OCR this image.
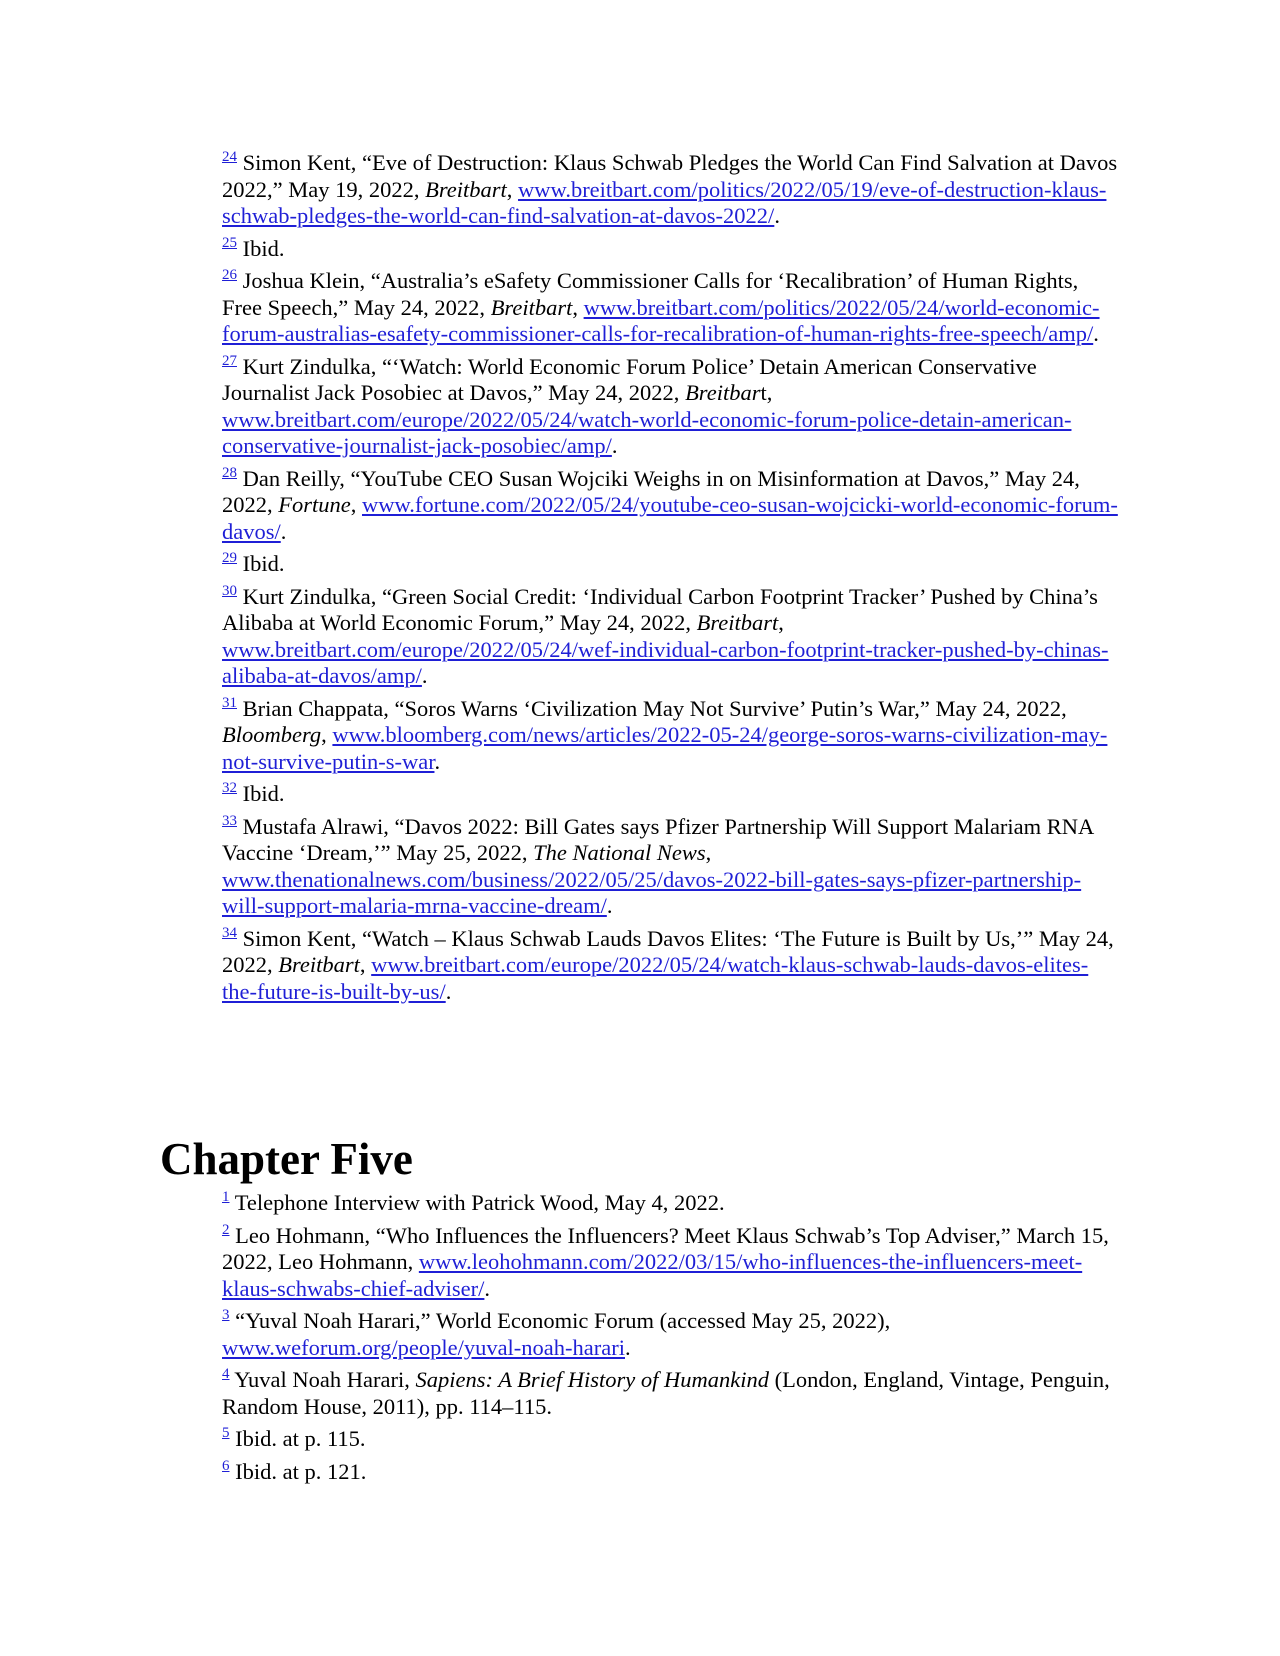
$^{24}$ Simon Kent, “Eve of Destruction: Klaus Schwab Pledges the World Can Find Salvation at Davos 2022,” May 19, 2022, Breitbart, www.breitbart.com/politics/2022/05/19/eve-of-destruction-klaus-schwab-pledges-the-world-can-find-salvation-at-davos-2022/.

$^{25}$ Ibid.

$^{26}$ Joshua Klein, “Australia’s eSafety Commissioner Calls for ‘Recalibration’ of Human Rights, Free Speech,” May 24, 2022, Breitbart, www.breitbart.com/politics/2022/05/24/world-economic-forum-australias-esafety-commissioner-calls-for-recalibration-of-human-rights-free-speech/amp/.

$^{27}$ Kurt Zindulka, “‘Watch: World Economic Forum Police’ Detain American Conservative Journalist Jack Posobiec at Davos,” May 24, 2022, Breitbart,
www.breitbart.com/europe/2022/05/24/watch-world-economic-forum-police-detain-american-conservative-journalist-jack-posobiec/amp/.

$^{28}$ Dan Reilly, “YouTube CEO Susan Wojciki Weighs in on Misinformation at Davos,” May 24, 2022, Fortune, www.fortune.com/2022/05/24/youtube-ceo-susan-wojcicki-world-economic-forum-davos/.

$^{29}$ Ibid.

$^{30}$ Kurt Zindulka, “Green Social Credit: ‘Individual Carbon Footprint Tracker’ Pushed by China’s Alibaba at World Economic Forum,” May 24, 2022, Breitbart,
www.breitbart.com/europe/2022/05/24/wef-individual-carbon-footprint-tracker-pushed-by-chinas-alibaba-at-davos/amp/.

$^{31}$ Brian Chappata, “Soros Warns ‘Civilization May Not Survive’ Putin’s War,” May 24, 2022, Bloomberg, www.bloomberg.com/news/articles/2022-05-24/george-soros-warns-civilization-may-not-survive-putin-s-war.

$^{32}$ Ibid.

$^{33}$ Mustafa Alrawi, “Davos 2022: Bill Gates says Pfizer Partnership Will Support Malariam RNA Vaccine ‘Dream,’” May 25, 2022, The National News,
www.thenationalnews.com/business/2022/05/25/davos-2022-bill-gates-says-pfizer-partnership-will-support-malaria-mrna-vaccine-dream/.

$^{34}$ Simon Kent, “Watch – Klaus Schwab Lauds Davos Elites: ‘The Future is Built by Us,’” May 24, 2022, Breitbart, www.breitbart.com/europe/2022/05/24/watch-klaus-schwab-lauds-davos-elites-the-future-is-built-by-us/.

Chapter Five

$^1$ Telephone Interview with Patrick Wood, May 4, 2022.

$^2$ Leo Hohmann, “Who Influences the Influencers? Meet Klaus Schwab’s Top Adviser,” March 15, 2022, Leo Hohmann, www.leohohmann.com/2022/03/15/who-influences-the-influencers-meet-klaus-schwabs-chief-adviser/.

$^3$ “Yuval Noah Harari,” World Economic Forum (accessed May 25, 2022),
www.weforum.org/people/yuval-noah-harari.

$^4$ Yuval Noah Harari, Sapiens: A Brief History of Humankind (London, England, Vintage, Penguin, Random House, 2011), pp. 114–115.

$^5$ Ibid. at p. 115.

$^6$ Ibid. at p. 121.
